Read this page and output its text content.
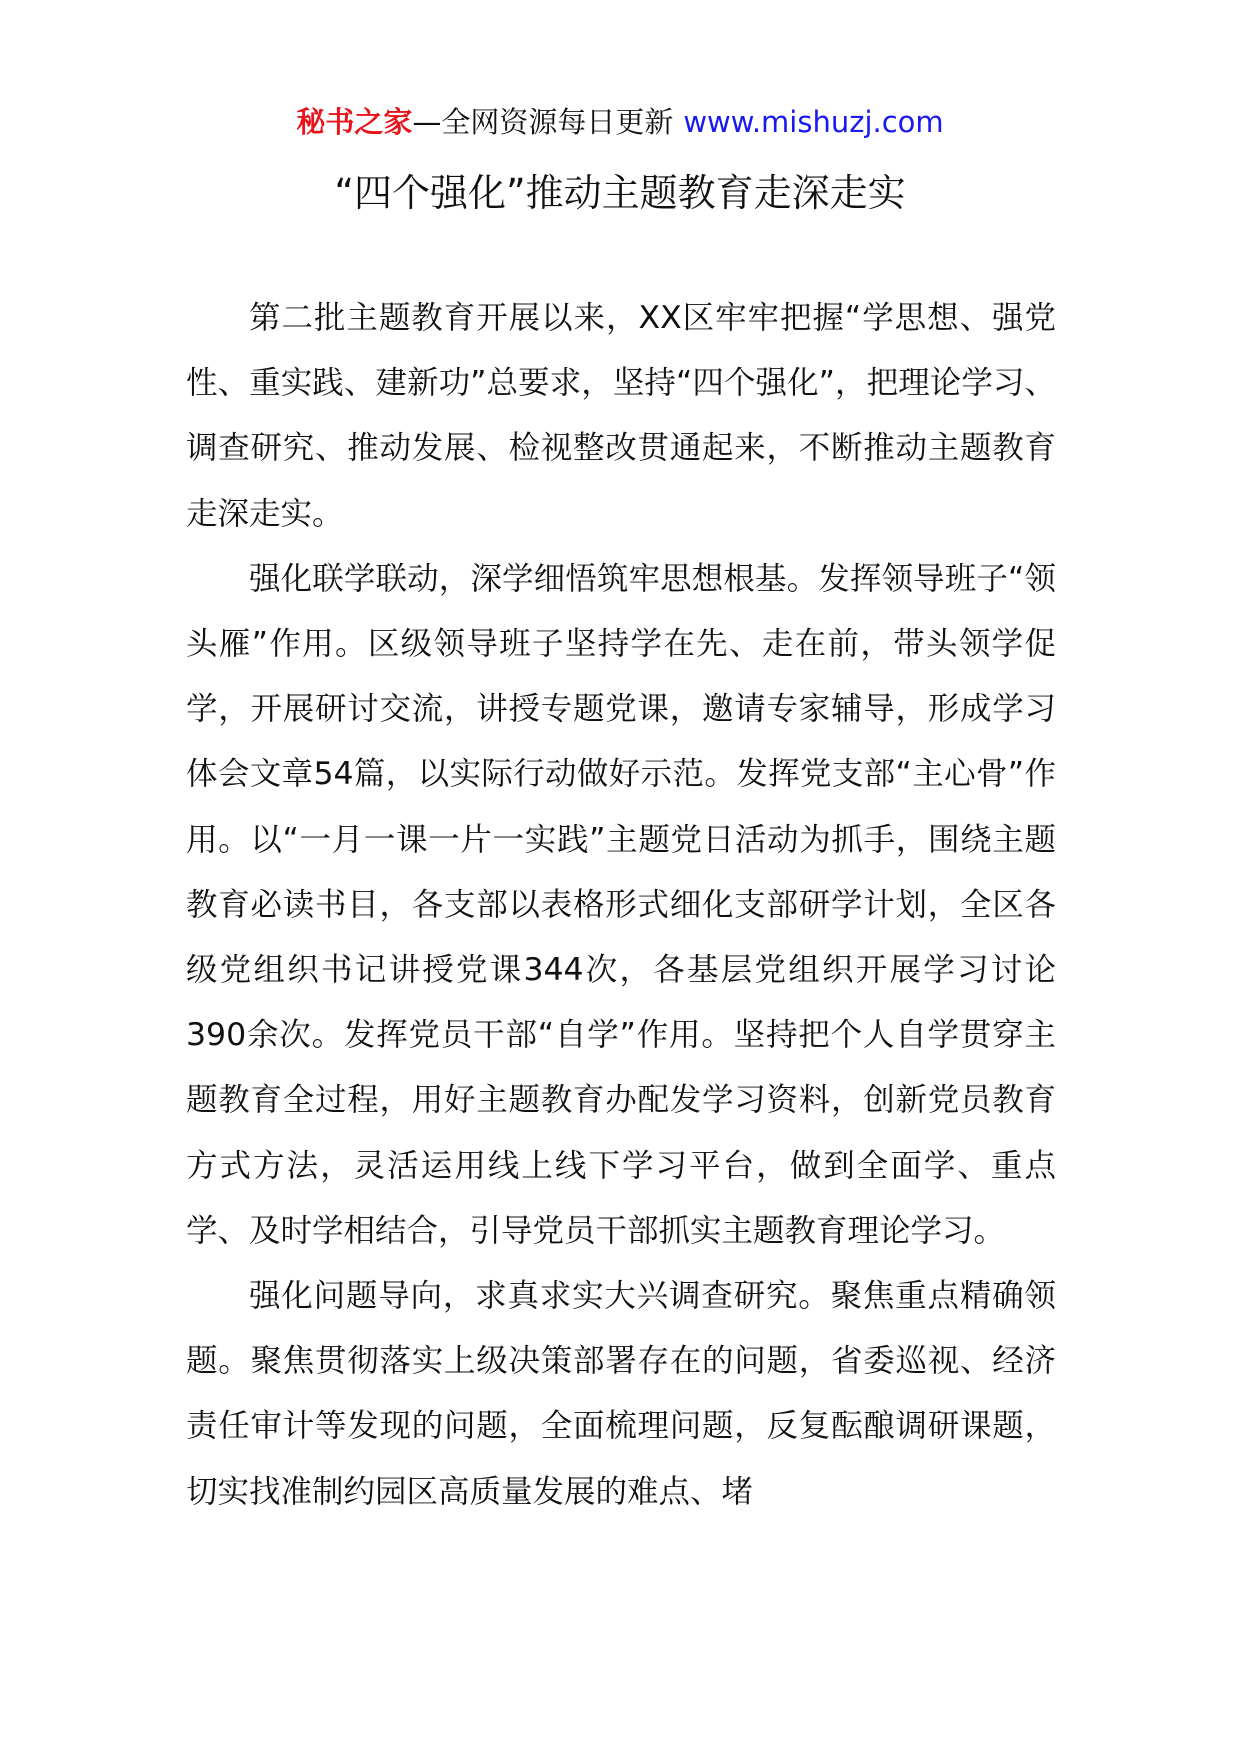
秘书之家—全网资源每日更新 www.mishuzj.com
“四个强化”推动主题教育走深走实

第二批主题教育开展以来，XX区牢牢把握“学思想、强党性、重实践、建新功”总要求，坚持“四个强化”，把理论学习、调查研究、推动发展、检视整改贯通起来，不断推动主题教育走深走实。

强化联学联动，深学细悟筑牢思想根基。发挥领导班子“领头雁”作用。区级领导班子坚持学在先、走在前，带头领学促学，开展研讨交流，讲授专题党课，邀请专家辅导，形成学习体会文章54篇，以实际行动做好示范。发挥党支部“主心骨”作用。以“一月一课一片一实践”主题党日活动为抓手，围绕主题教育必读书目，各支部以表格形式细化支部研学计划，全区各级党组织书记讲授党课344次，各基层党组织开展学习讨论390余次。发挥党员干部“自学”作用。坚持把个人自学贯穿主题教育全过程，用好主题教育办配发学习资料，创新党员教育方式方法，灵活运用线上线下学习平台，做到全面学、重点学、及时学相结合，引导党员干部抓实主题教育理论学习。

强化问题导向，求真求实大兴调查研究。聚焦重点精确领题。聚焦贯彻落实上级决策部署存在的问题，省委巡视、经济责任审计等发现的问题，全面梳理问题，反复酝酿调研课题，切实找准制约园区高质量发展的难点、堵
